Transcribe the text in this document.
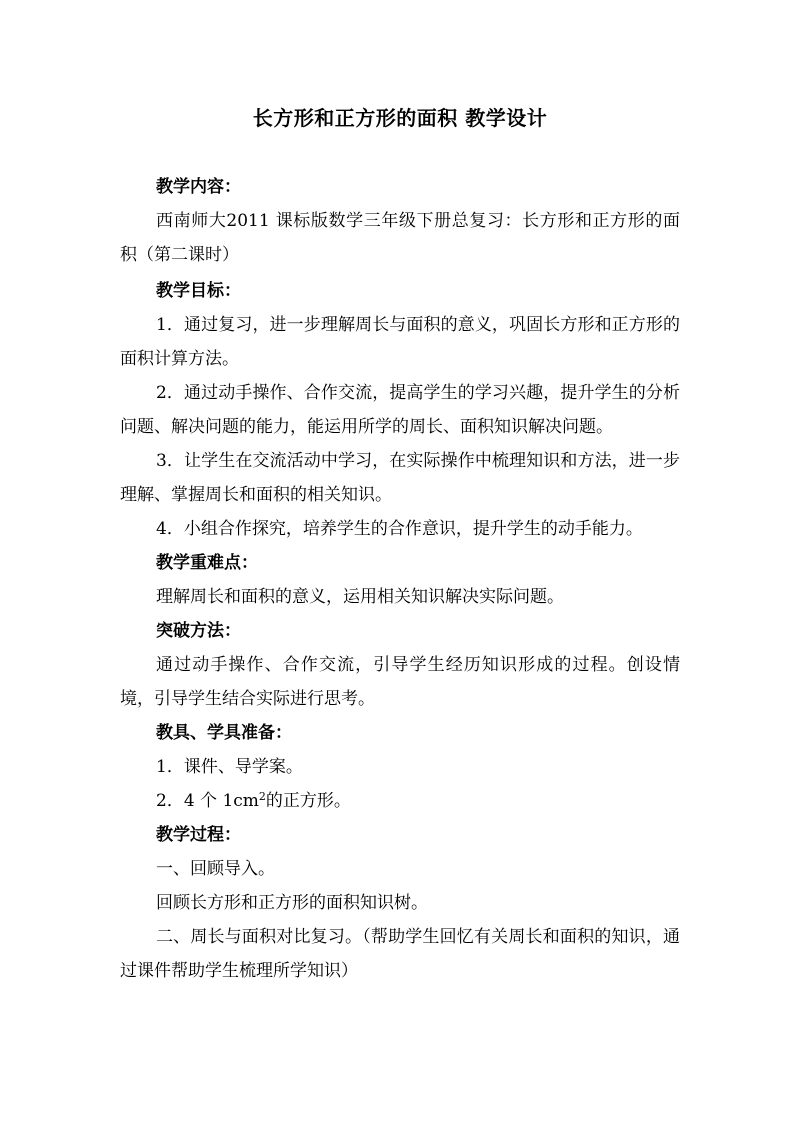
长方形和正方形的面积 教学设计

教学内容：

西南师大2011 课标版数学三年级下册总复习：长方形和正方形的面积（第二课时）

教学目标：

1．通过复习，进一步理解周长与面积的意义，巩固长方形和正方形的面积计算方法。

2．通过动手操作、合作交流，提高学生的学习兴趣，提升学生的分析问题、解决问题的能力，能运用所学的周长、面积知识解决问题。

3．让学生在交流活动中学习，在实际操作中梳理知识和方法，进一步理解、掌握周长和面积的相关知识。

4．小组合作探究，培养学生的合作意识，提升学生的动手能力。

教学重难点：

理解周长和面积的意义，运用相关知识解决实际问题。

突破方法：

通过动手操作、合作交流，引导学生经历知识形成的过程。创设情境，引导学生结合实际进行思考。

教具、学具准备：

1．课件、导学案。

2．4 个 $1cm^2$的正方形。

教学过程：

一、回顾导入。

回顾长方形和正方形的面积知识树。

二、周长与面积对比复习。（帮助学生回忆有关周长和面积的知识，通过课件帮助学生梳理所学知识）
